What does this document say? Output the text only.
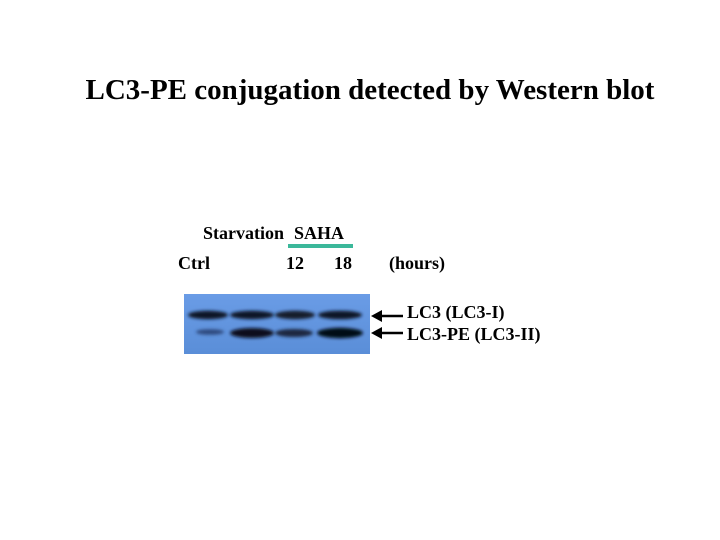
LC3-PE conjugation detected by Western blot
Starvation SAHA
Ctrl	12 18 (hours)
LC3 (LC3-I)
LC3-PE (LC3-II)
